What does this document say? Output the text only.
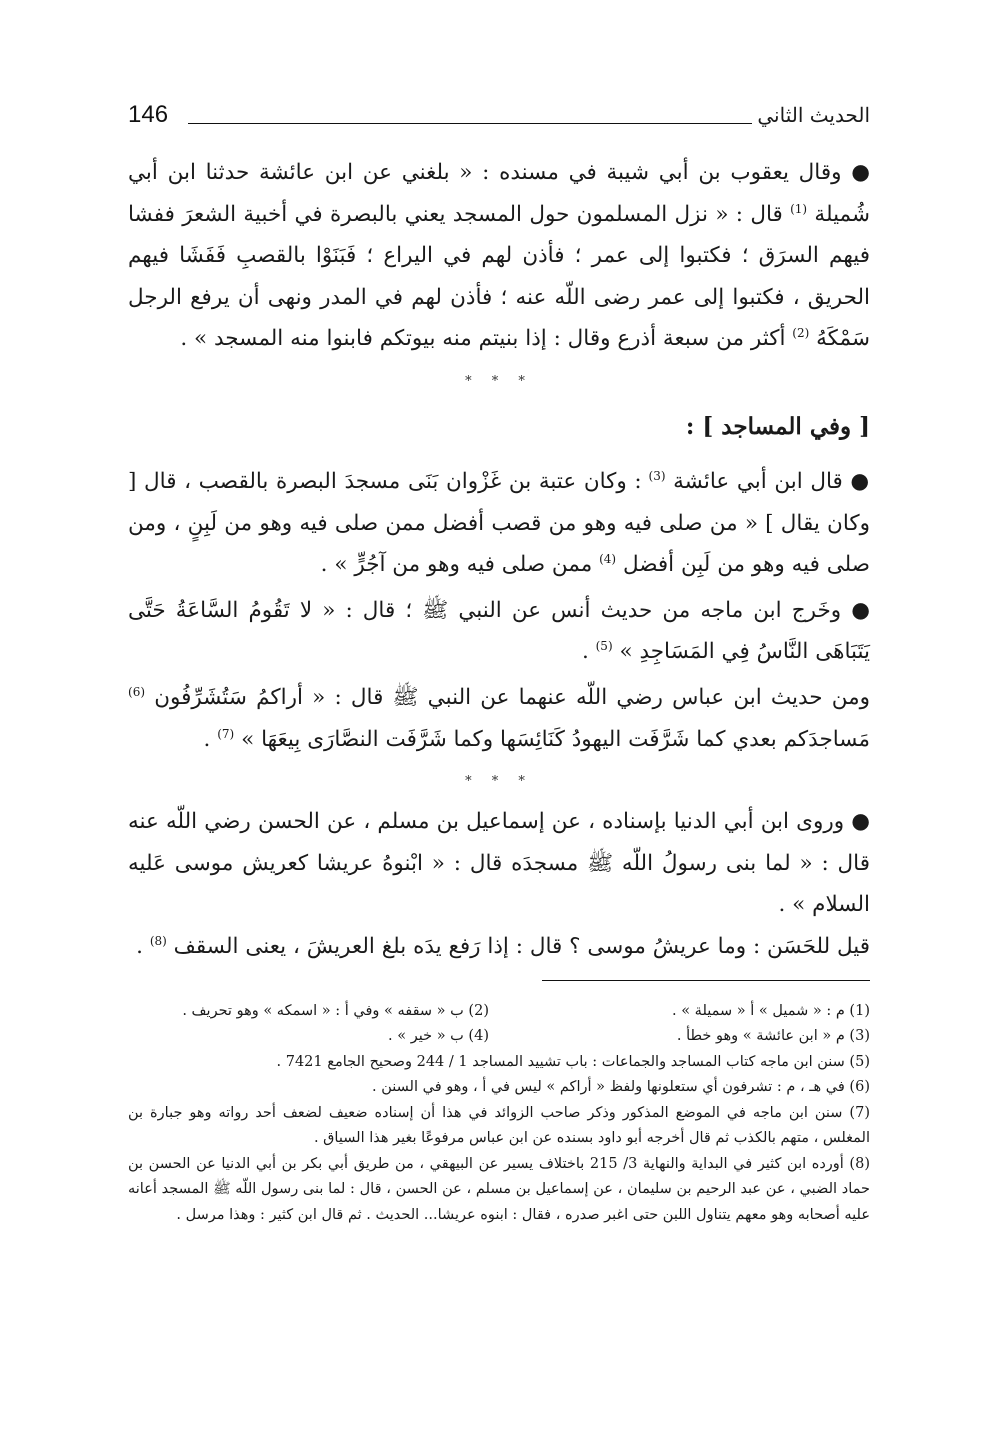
146	الحديث الثاني

● وقال يعقوب بن أبي شيبة في مسنده : « بلغني عن ابن عائشة حدثنا ابن أبي شُميلة $^{(1)}$ قال : « نزل المسلمون حول المسجد يعني بالبصرة في أخبية الشعرَ ففشا فيهم السرَق ؛ فكتبوا إلى عمر ؛ فأذن لهم في اليراع ؛ فَبَنَوْا بالقصبِ فَفَشَا فيهم الحريق ، فكتبوا إلى عمر رضى اللّه عنه ؛ فأذن لهم في المدر ونهى أن يرفع الرجل سَمْكَهُ $^{(2)}$ أكثر من سبعة أذرع وقال : إذا بنيتم منه بيوتكم فابنوا منه المسجد » .

* * *

[ وفي المساجد ] :

● قال ابن أبي عائشة $^{(3)}$ : وكان عتبة بن غَزْوان بَنَى مسجدَ البصرة بالقصب ، قال [ وكان يقال ] « من صلى فيه وهو من قصب أفضل ممن صلى فيه وهو من لَبِنٍ ، ومن صلى فيه وهو من لَبِن أفضل $^{(4)}$ ممن صلى فيه وهو من آجُرٍّ » .

● وخَرج ابن ماجه من حديث أنس عن النبي ﷺ ؛ قال : « لا تَقُومُ السَّاعَةُ حَتَّى يَتَبَاهَى النَّاسُ فِي المَسَاجِدِ » $^{(5)}$ .

ومن حديث ابن عباس رضي اللّه عنهما عن النبي ﷺ قال : « أراكمُ سَتُشَرِّفُون $^{(6)}$ مَساجدَكم بعدي كما شَرَّفَت اليهودُ كَنَائِسَها وكما شَرَّفَت النصَّارَى بِيعَهَا » $^{(7)}$ .

* * *

● وروى ابن أبي الدنيا بإسناده ، عن إسماعيل بن مسلم ، عن الحسن رضي اللّه عنه قال : « لما بنى رسولُ اللّه ﷺ مسجدَه قال : « ابْنوهُ عريشا كعريش موسى عَليه السلام » .

قيل للحَسَن : وما عريشُ موسى ؟ قال : إذا رَفع يدَه بلغ العريشَ ، يعنى السقف $^{(8)}$ .

(1) م : « شميل » أ « سميلة » .

(2) ب « سقفه » وفي أ : « اسمكه » وهو تحريف .

(3) م « ابن عائشة » وهو خطأ .

(4) ب « خير » .

(5) سنن ابن ماجه كتاب المساجد والجماعات : باب تشييد المساجد 1 / 244 وصحيح الجامع 7421 .

(6) في هـ ، م : تشرفون أي ستعلونها ولفظ « أراكم » ليس في أ ، وهو في السنن .

(7) سنن ابن ماجه في الموضع المذكور وذكر صاحب الزوائد في هذا أن إسناده ضعيف لضعف أحد رواته وهو جبارة بن المغلس ، متهم بالكذب ثم قال أخرجه أبو داود بسنده عن ابن عباس مرفوعًا بغير هذا السياق .

(8) أورده ابن كثير في البداية والنهاية 3/ 215 باختلاف يسير عن البيهقي ، من طريق أبي بكر بن أبي الدنيا عن الحسن بن حماد الضبي ، عن عبد الرحيم بن سليمان ، عن إسماعيل بن مسلم ، عن الحسن ، قال : لما بنى رسول اللّه ﷺ المسجد أعانه عليه أصحابه وهو معهم يتناول اللبن حتى اغبر صدره ، فقال : ابنوه عريشا... الحديث . ثم قال ابن كثير : وهذا مرسل .
